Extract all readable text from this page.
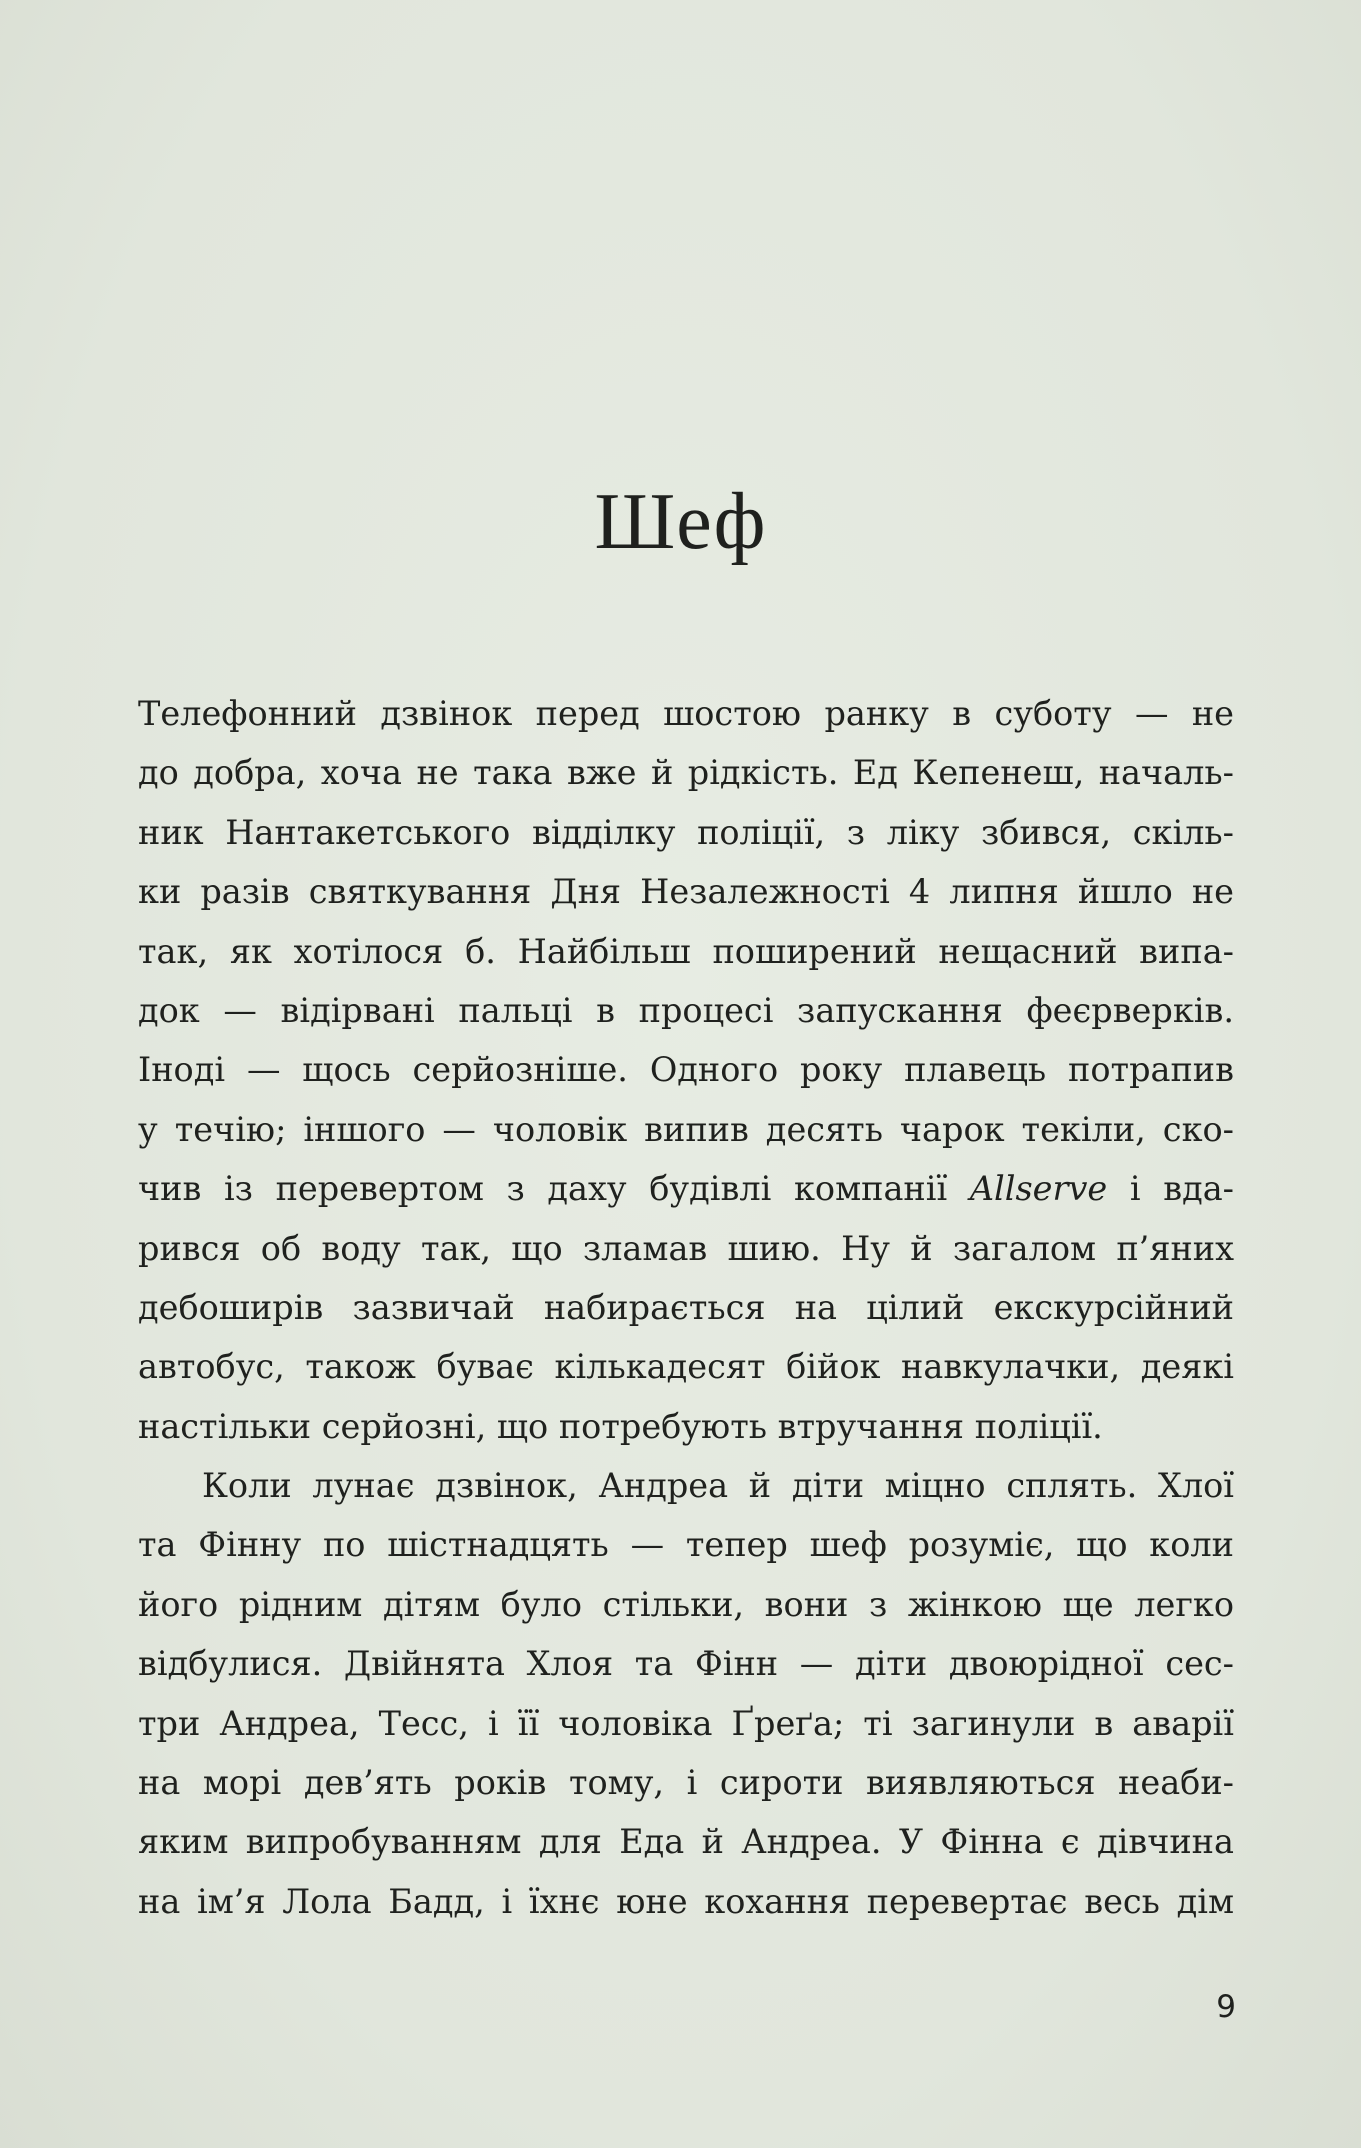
Шеф
Телефонний дзвінок перед шостою ранку в суботу — не
до добра, хоча не така вже й рідкість. Ед Кепенеш, началь-
ник Нантакетського відділку поліції, з ліку збився, скіль-
ки разів святкування Дня Незалежності 4 липня йшло не
так, як хотілося б. Найбільш поширений нещасний випа-
док — відірвані пальці в процесі запускання феєрверків.
Іноді — щось серйозніше. Одного року плавець потрапив
у течію; іншого — чоловік випив десять чарок текіли, ско-
чив із перевертом з даху будівлі компанії Allserve і вда-
рився об воду так, що зламав шию. Ну й загалом п’яних
дебоширів зазвичай набирається на цілий екскурсійний
автобус, також буває кількадесят бійок навкулачки, деякі
настільки серйозні, що потребують втручання поліції.
Коли лунає дзвінок, Андреа й діти міцно сплять. Хлої
та Фінну по шістнадцять — тепер шеф розуміє, що коли
його рідним дітям було стільки, вони з жінкою ще легко
відбулися. Двійнята Хлоя та Фінн — діти двоюрідної сес-
три Андреа, Тесс, і її чоловіка Ґреґа; ті загинули в аварії
на морі дев’ять років тому, і сироти виявляються неаби-
яким випробуванням для Еда й Андреа. У Фінна є дівчина
на ім’я Лола Бадд, і їхнє юне кохання перевертає весь дім
9
